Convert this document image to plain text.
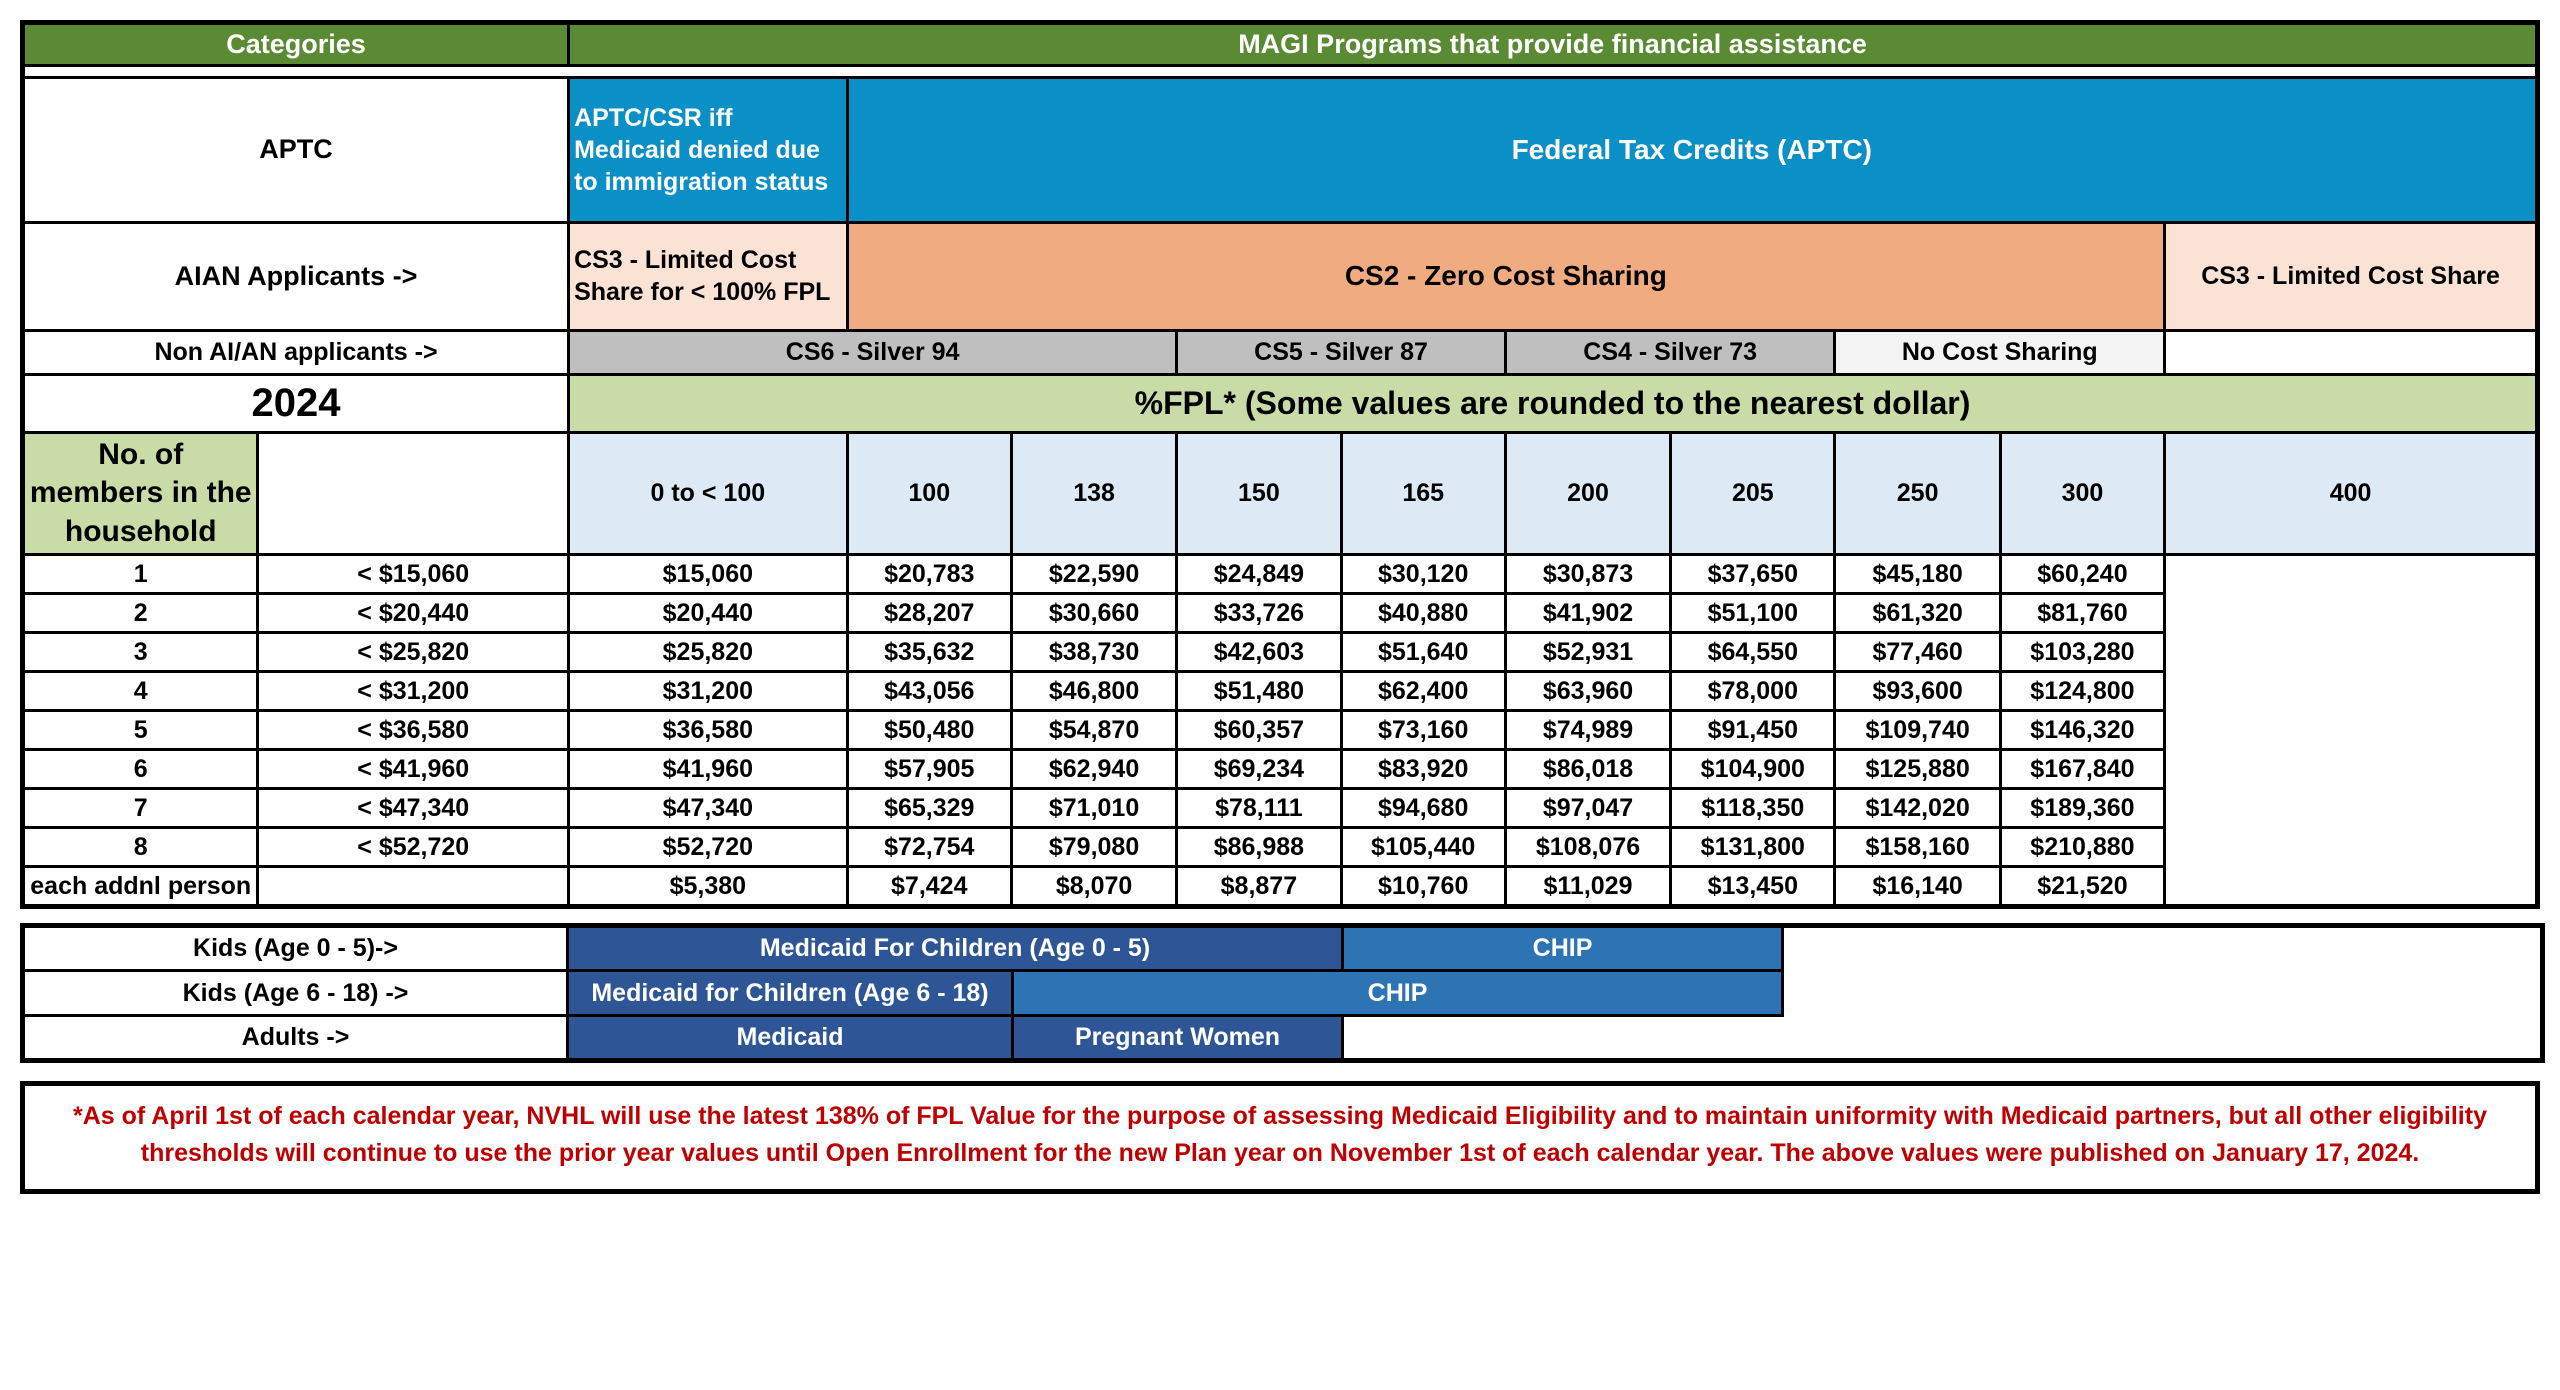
Categories		MAGI Programs that provide financial assistance									

APTC		APTC/CSR iff Medicaid denied due to immigration status	Federal Tax Credits (APTC)								
AIAN Applicants ->		CS3 - Limited Cost Share for < 100% FPL	CS2 - Zero Cost Sharing								CS3 - Limited Cost Share
Non AI/AN applicants ->		CS6 - Silver 94			CS5 - Silver 87		CS4 - Silver 73		No Cost Sharing		
2024		%FPL* (Some values are rounded to the nearest dollar)									
No. of members in the household		0 to < 100	100	138	150	165	200	205	250	300	400
1	< $15,060	$15,060	$20,783	$22,590	$24,849	$30,120	$30,873	$37,650	$45,180	$60,240	
2	< $20,440	$20,440	$28,207	$30,660	$33,726	$40,880	$41,902	$51,100	$61,320	$81,760	
3	< $25,820	$25,820	$35,632	$38,730	$42,603	$51,640	$52,931	$64,550	$77,460	$103,280	
4	< $31,200	$31,200	$43,056	$46,800	$51,480	$62,400	$63,960	$78,000	$93,600	$124,800	
5	< $36,580	$36,580	$50,480	$54,870	$60,357	$73,160	$74,989	$91,450	$109,740	$146,320	
6	< $41,960	$41,960	$57,905	$62,940	$69,234	$83,920	$86,018	$104,900	$125,880	$167,840	
7	< $47,340	$47,340	$65,329	$71,010	$78,111	$94,680	$97,047	$118,350	$142,020	$189,360	
8	< $52,720	$52,720	$72,754	$79,080	$86,988	$105,440	$108,076	$131,800	$158,160	$210,880	
each addnl person		$5,380	$7,424	$8,070	$8,877	$10,760	$11,029	$13,450	$16,140	$21,520	
Kids (Age 0 - 5)->	Medicaid For Children (Age 0 - 5)		CHIP	
Kids (Age 6 - 18) ->	Medicaid for Children (Age 6 - 18)	CHIP		
Adults ->	Medicaid	Pregnant Women		
*As of April 1st of each calendar year, NVHL will use the latest 138% of FPL Value for the purpose of assessing Medicaid Eligibility and to maintain uniformity with Medicaid partners, but all other eligibility thresholds will continue to use the prior year values until Open Enrollment for the new Plan year on November 1st of each calendar year. The above values were published on January 17, 2024.
